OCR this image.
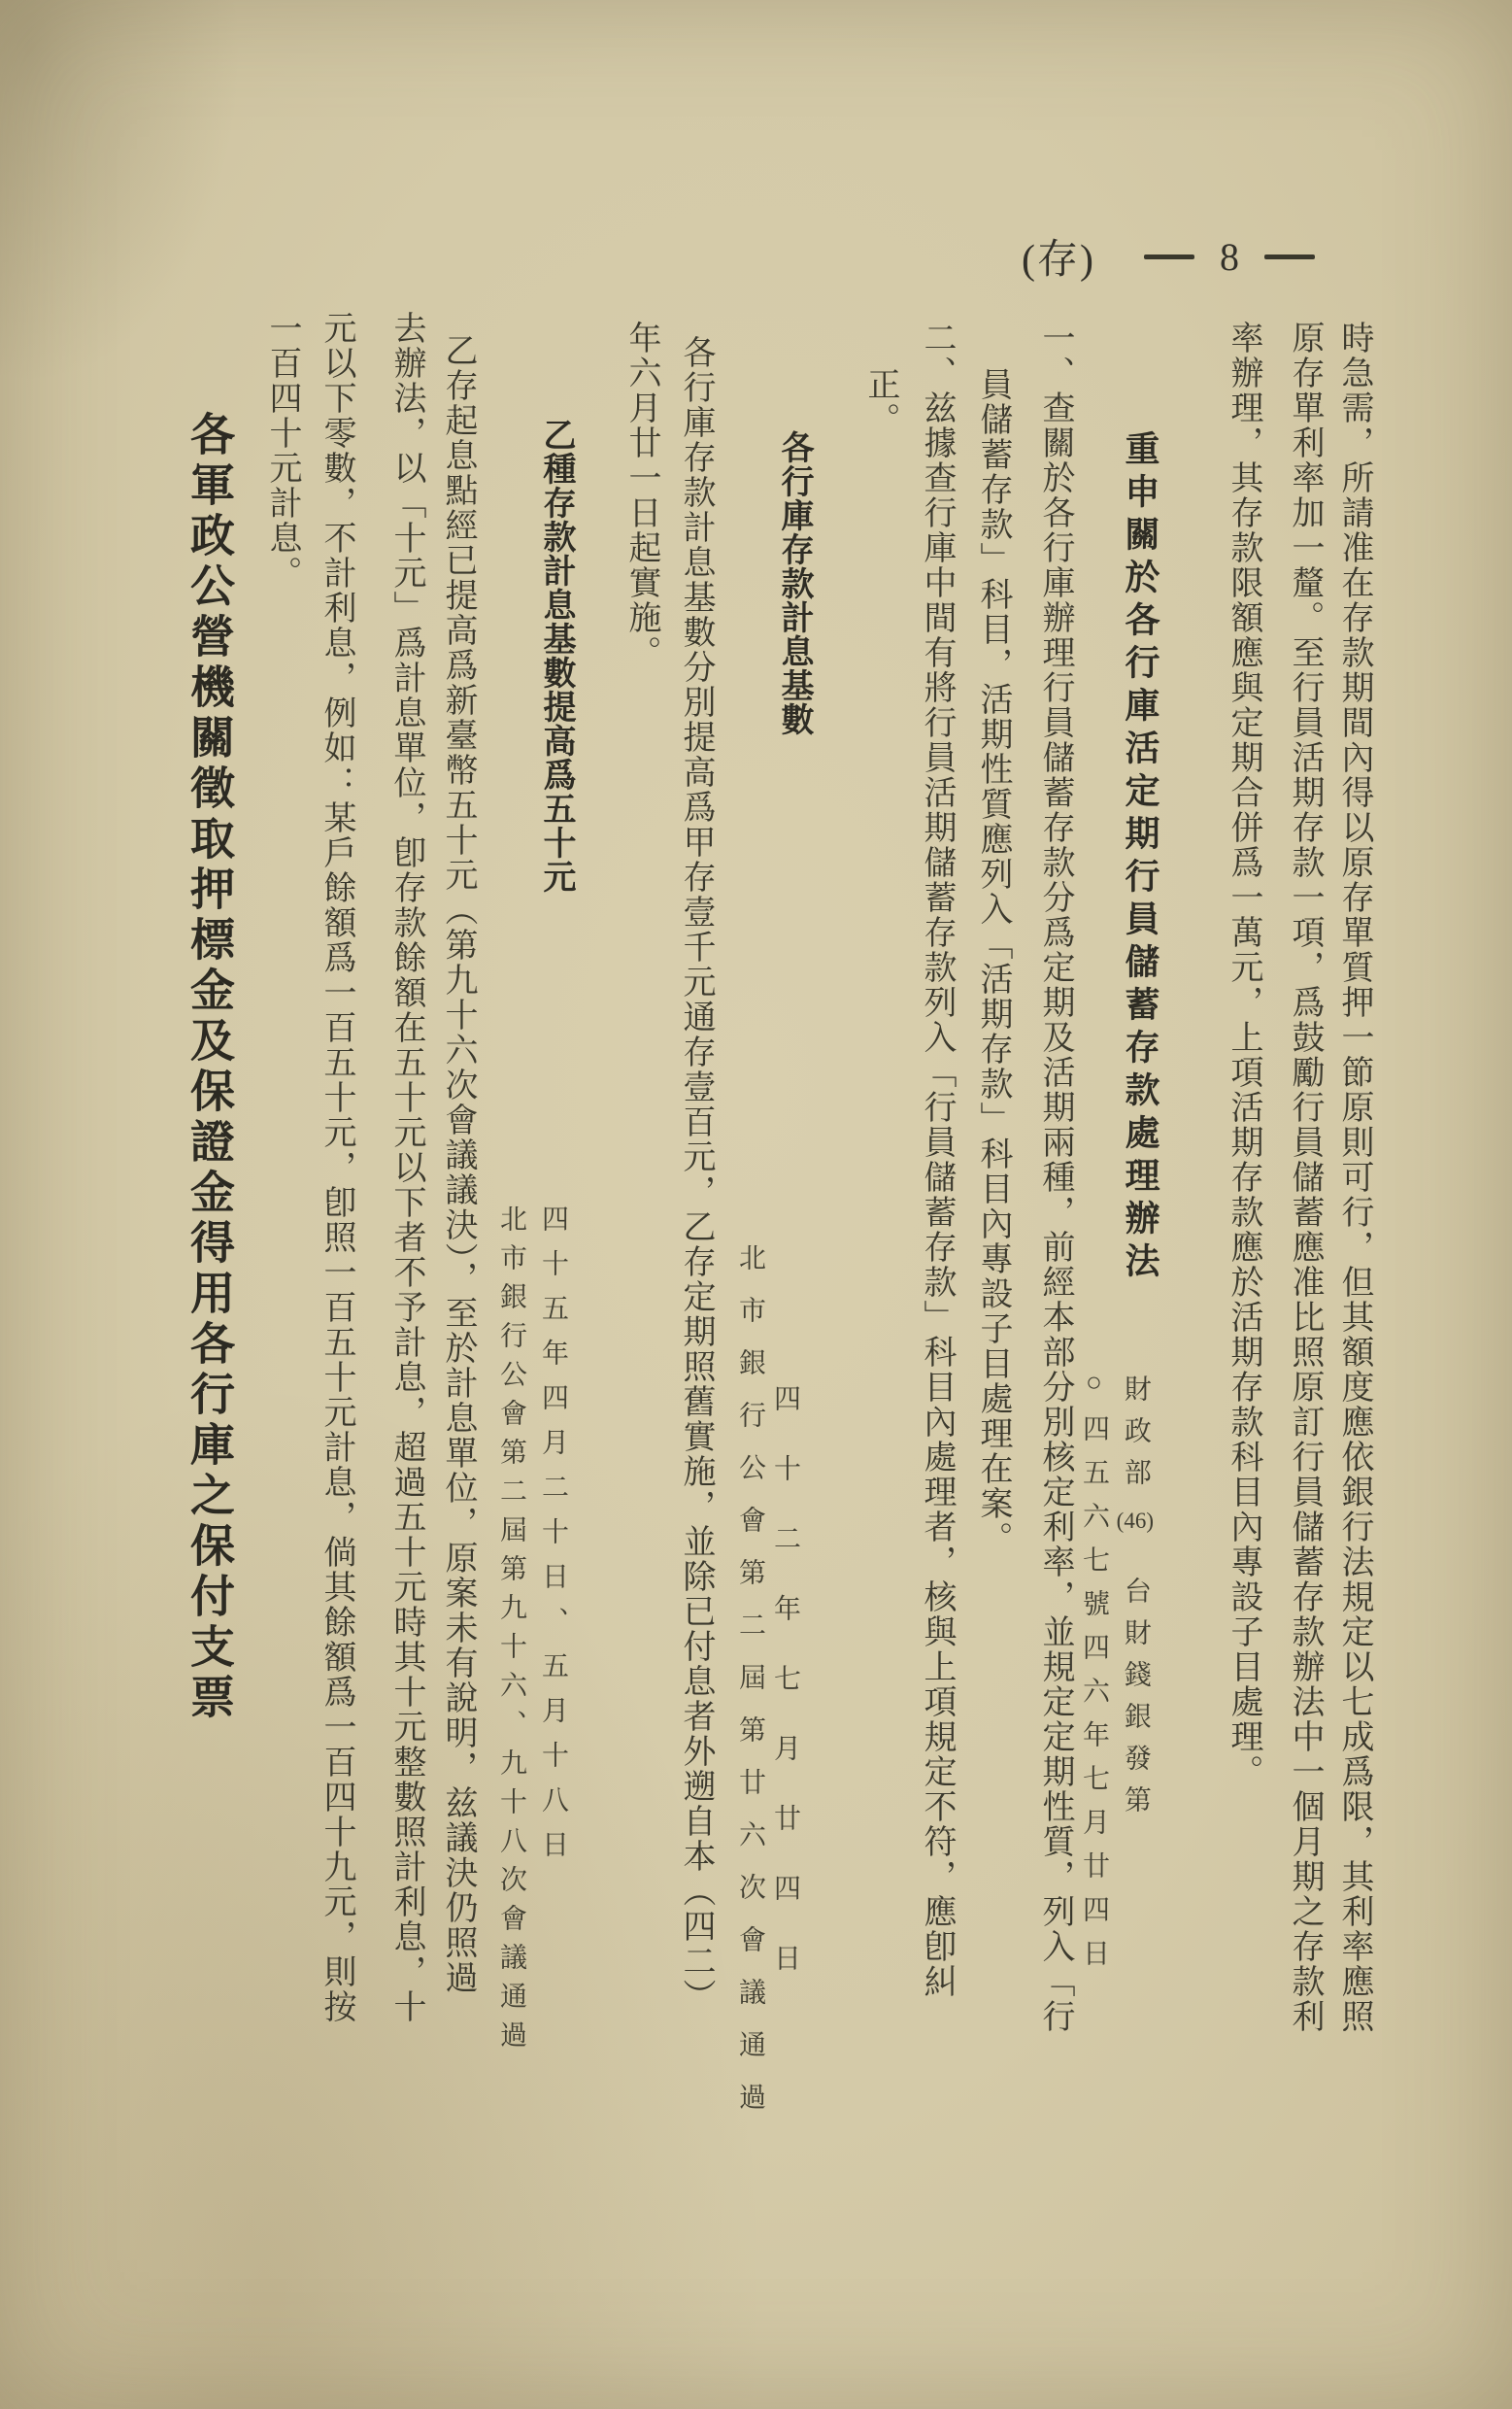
(存)	8
時急需，所請准在存款期間內得以原存單質押一節原則可行，但其額度應依銀行法規定以七成爲限，其利率應照
原存單利率加一釐。至行員活期存款一項，爲鼓勵行員儲蓄應准比照原訂行員儲蓄存款辦法中一個月期之存款利
率辦理，其存款限額應與定期合併爲一萬元，上項活期存款應於活期存款科目內專設子目處理。
重申關於各行庫活定期行員儲蓄存款處理辦法
財政部(46)台財錢銀發第
○四五六七號四六年七月廿四日
一、查關於各行庫辦理行員儲蓄存款分爲定期及活期兩種，前經本部分別核定利率，並規定定期性質，列入「行
員儲蓄存款」科目，活期性質應列入「活期存款」科目內專設子目處理在案。
二、兹據查行庫中間有將行員活期儲蓄存款列入「行員儲蓄存款」科目內處理者，核與上項規定不符，應卽糾
正。
各行庫存款計息基數
四十二年七月廿四日
北市銀行公會第二屆第廿六次會議通過
各行庫存款計息基數分別提高爲甲存壹千元通存壹百元，乙存定期照舊實施，並除已付息者外遡自本（四二）
年六月廿一日起實施。
乙種存款計息基數提高爲五十元
四十五年四月二十日、五月十八日
北市銀行公會第二屆第九十六、九十八次會議通過
乙存起息點經已提高爲新臺幣五十元（第九十六次會議議決），至於計息單位，原案未有說明，兹議決仍照過
去辦法，以「十元」爲計息單位，卽存款餘額在五十元以下者不予計息，超過五十元時其十元整數照計利息，十
元以下零數，不計利息，例如：某戶餘額爲一百五十元，卽照一百五十元計息，倘其餘額爲一百四十九元，則按
一百四十元計息。
各軍政公營機關徵取押標金及保證金得用各行庫之保付支票
